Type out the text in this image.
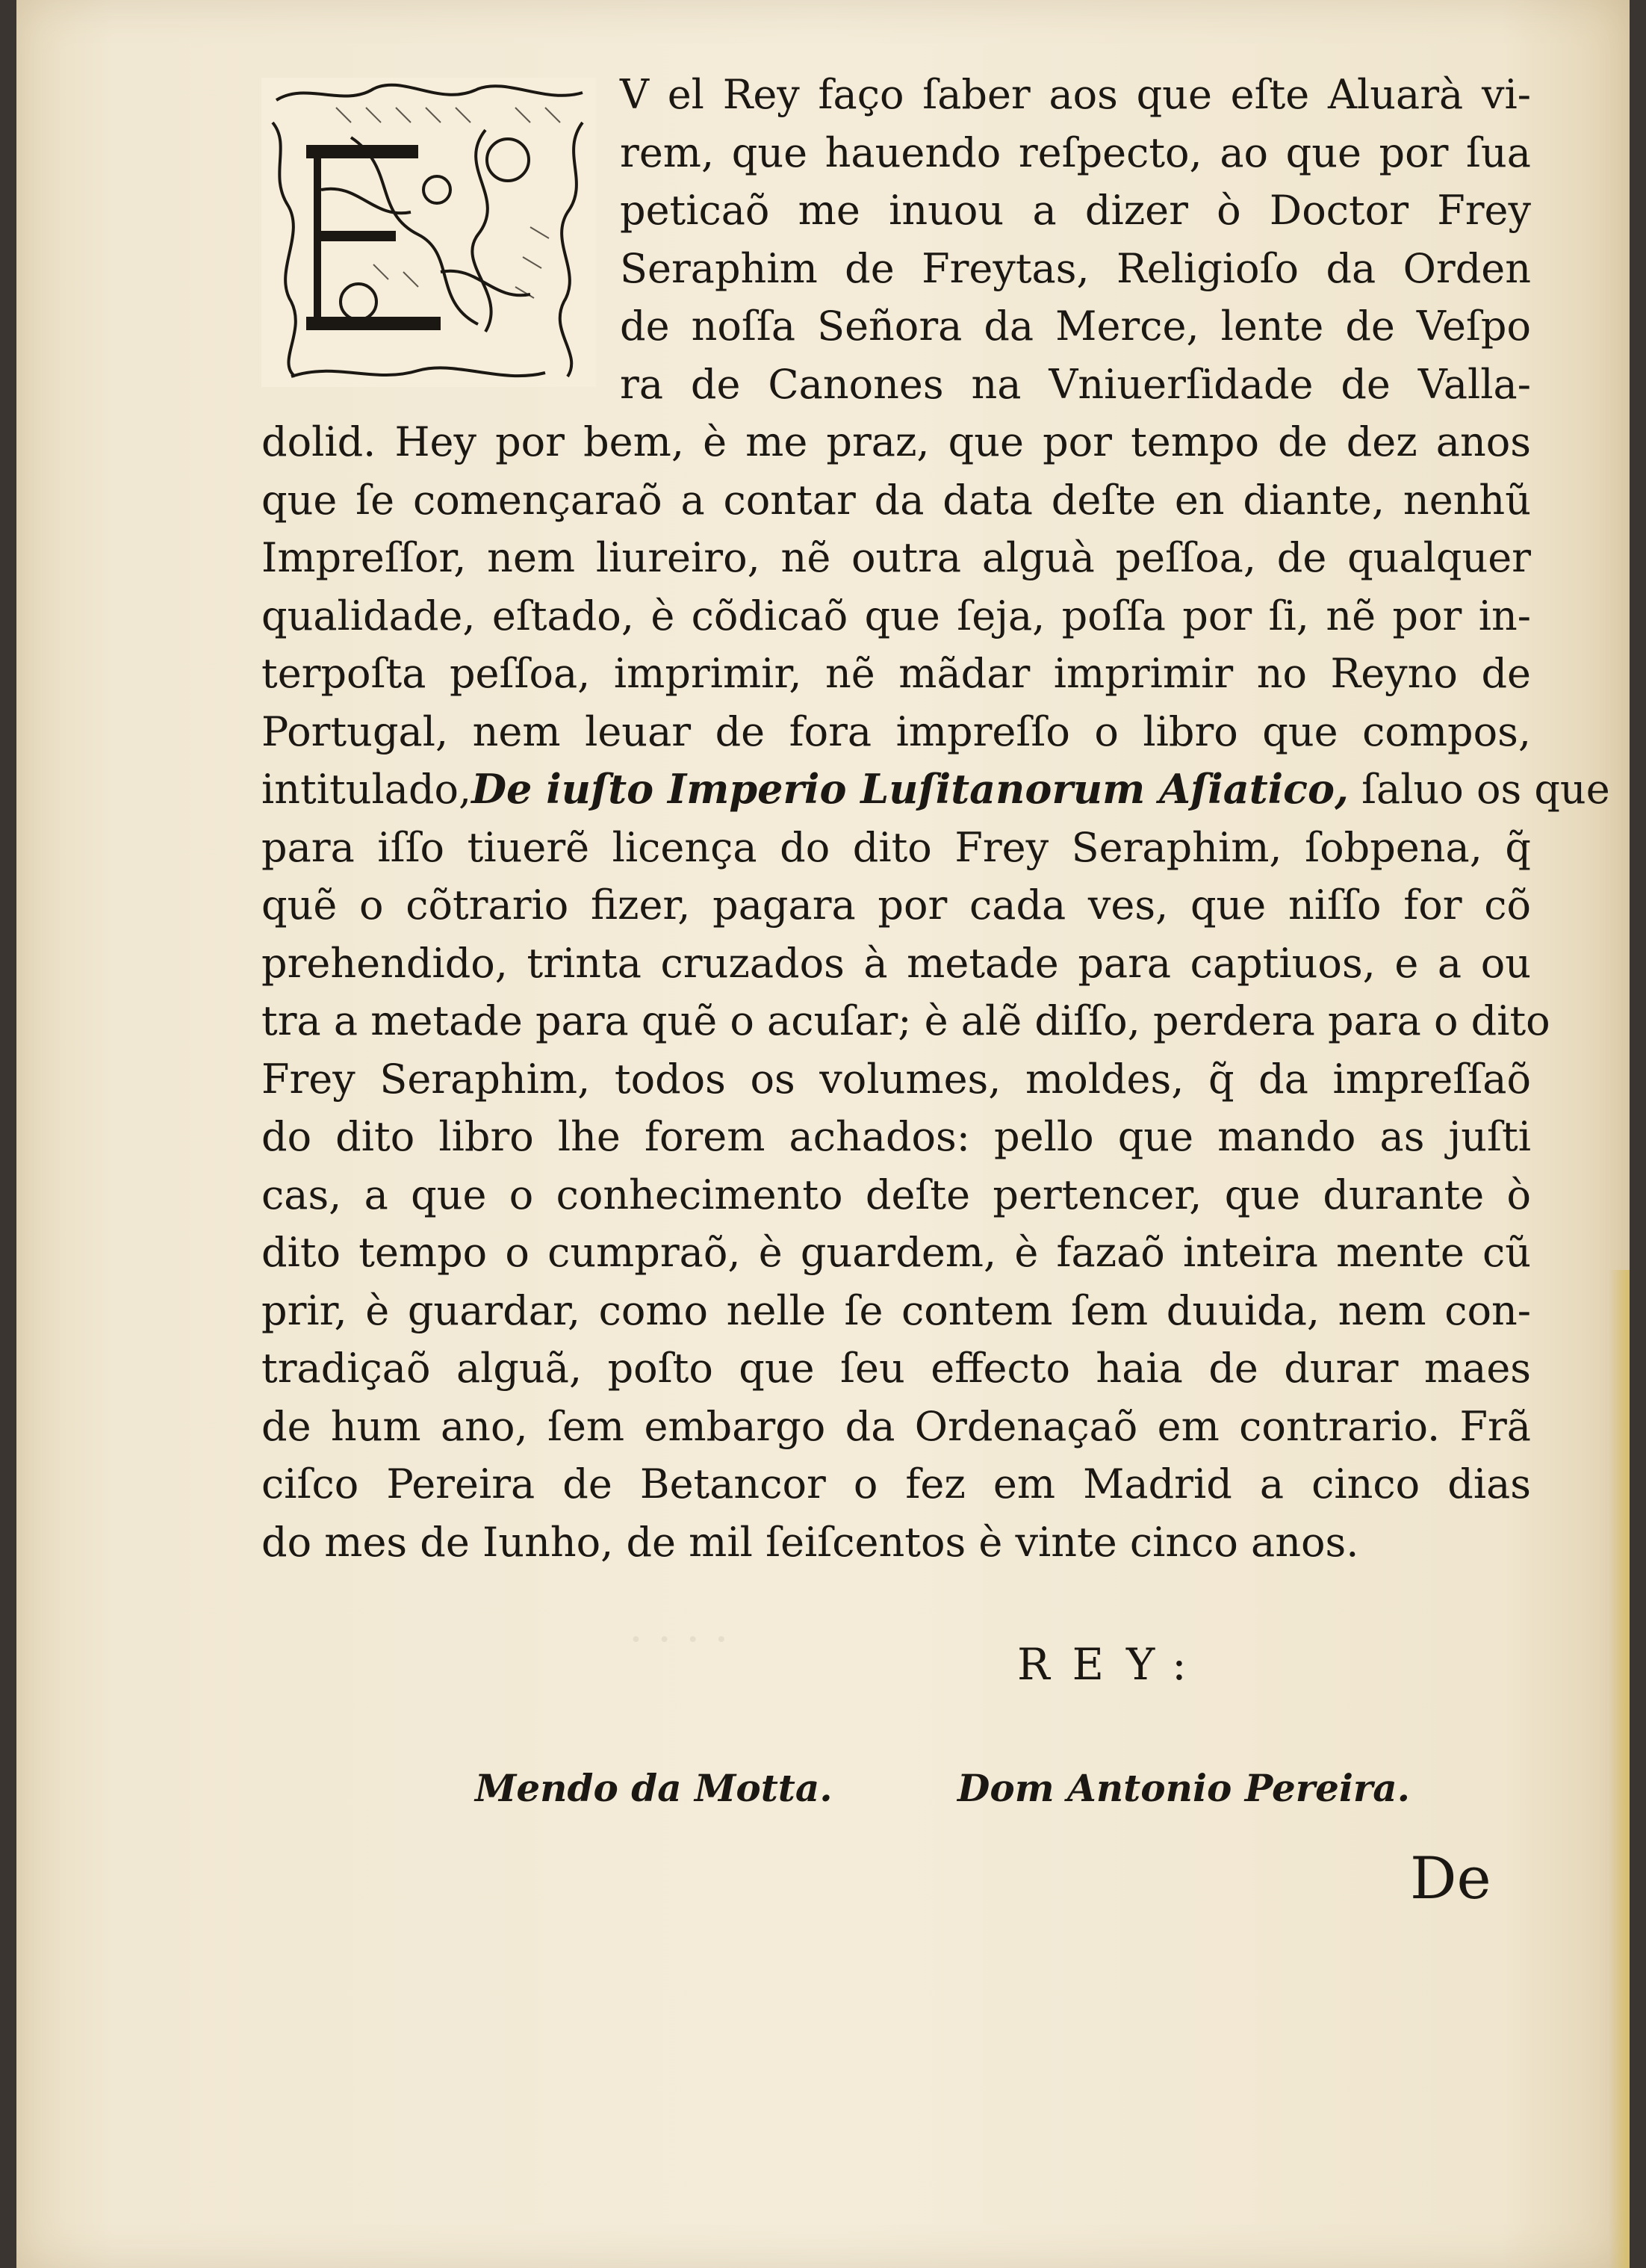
· · · ·
V el Rey faço ſaber aos que eſte Aluarà vi-
rem, que hauendo reſpecto, ao que por ſua
peticaõ me inuou a dizer ò Doctor Frey
Seraphim de Freytas, Religioſo da Orden
de noſſa Señora da Merce, lente de Veſpo
ra de Canones na Vniuerſidade de Valla-
dolid. Hey por bem, è me praz, que por tempo de dez anos
que ſe començaraõ a contar da data deſte en diante, nenhũ
Impreſſor, nem liureiro, nẽ outra alguà peſſoa, de qualquer
qualidade, eſtado, è cõdicaõ que ſeja, poſſa por ſi, nẽ por in-
terpoſta peſſoa, imprimir, nẽ mãdar imprimir no Reyno de
Portugal, nem leuar de fora impreſſo o libro que compos,
intitulado,De iuſto Imperio Luſitanorum Aſiatico, ſaluo os que
para iſſo tiuerẽ licença do dito Frey Seraphim, ſobpena, q̃
quẽ o cõtrario fizer, pagara por cada ves, que niſſo for cõ
prehendido, trinta cruzados à metade para captiuos, e a ou
tra a metade para quẽ o acuſar; è alẽ diſſo, perdera para o dito
Frey Seraphim, todos os volumes, moldes, q̃ da impreſſaõ
do dito libro lhe forem achados: pello que mando as juſti
cas, a que o conhecimento deſte pertencer, que durante ò
dito tempo o cumpraõ, è guardem, è fazaõ inteira mente cũ
prir, è guardar, como nelle ſe contem ſem duuida, nem con-
tradiçaõ alguã, poſto que ſeu effecto haia de durar maes
de hum ano, ſem embargo da Ordenaçaõ em contrario. Frã
ciſco Pereira de Betancor o fez em Madrid a cinco dias
do mes de Iunho, de mil ſeiſcentos è vinte cinco anos.
REY:
Mendo da Motta.	Dom Antonio Pereira.
De
